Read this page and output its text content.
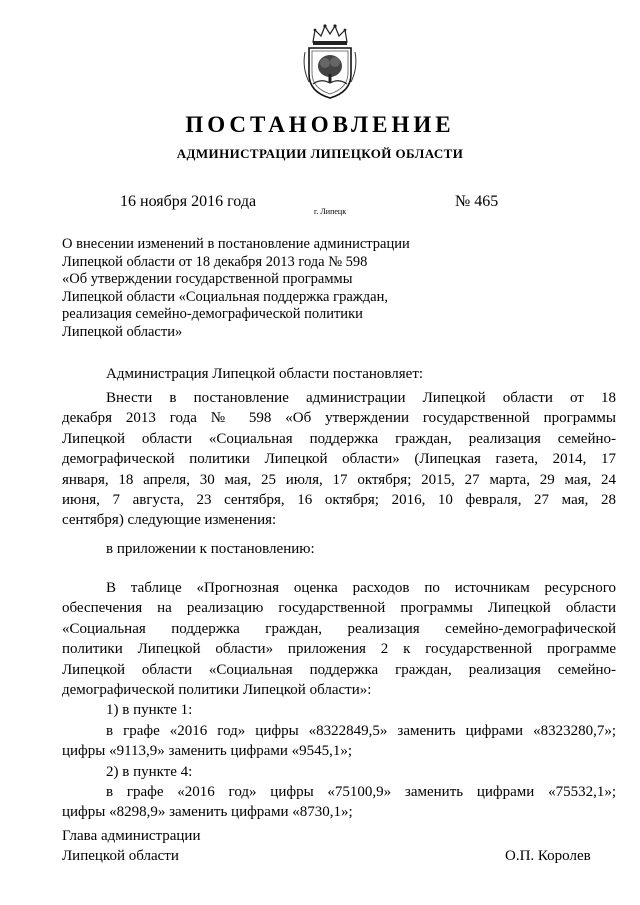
ПОСТАНОВЛЕНИЕ
АДМИНИСТРАЦИИ ЛИПЕЦКОЙ ОБЛАСТИ
16 ноября 2016 года
г. Липецк
№ 465
О внесении изменений в постановление администрации
Липецкой области от 18 декабря 2013 года № 598
«Об утверждении государственной программы
Липецкой области «Социальная поддержка граждан,
реализация семейно-демографической политики
Липецкой области»
Администрация Липецкой области постановляет:
Внести в постановление администрации Липецкой области от 18
декабря 2013 года № 598 «Об утверждении государственной программы
Липецкой области «Социальная поддержка граждан, реализация семейно-
демографической политики Липецкой области» (Липецкая газета, 2014, 17
января, 18 апреля, 30 мая, 25 июля, 17 октября; 2015, 27 марта, 29 мая, 24
июня, 7 августа, 23 сентября, 16 октября; 2016, 10 февраля, 27 мая, 28
сентября) следующие изменения:
в приложении к постановлению:
В таблице «Прогнозная оценка расходов по источникам ресурсного
обеспечения на реализацию государственной программы Липецкой области
«Социальная поддержка граждан, реализация семейно-демографической
политики Липецкой области» приложения 2 к государственной программе
Липецкой области «Социальная поддержка граждан, реализация семейно-
демографической политики Липецкой области»:
1) в пункте 1:
в графе «2016 год» цифры «8322849,5» заменить цифрами «8323280,7»;
цифры «9113,9» заменить цифрами «9545,1»;
2) в пункте 4:
в графе «2016 год» цифры «75100,9» заменить цифрами «75532,1»;
цифры «8298,9» заменить цифрами «8730,1»;
Глава администрации
Липецкой области	О.П. Королев
